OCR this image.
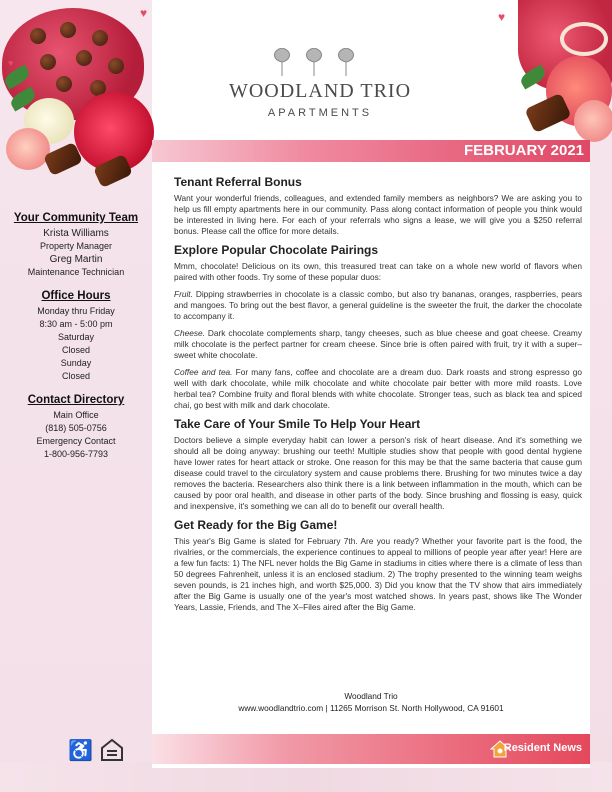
♥
♥
♥
WOODLAND TRIO
APARTMENTS
FEBRUARY 2021
Your Community Team
Krista Williams
Property Manager
Greg Martin
Maintenance Technician
Office Hours
Monday thru Friday
8:30 am - 5:00 pm
Saturday
Closed
Sunday
Closed
Contact Directory
Main Office
(818) 505-0756
Emergency Contact
1-800-956-7793
Tenant Referral Bonus

Want your wonderful friends, colleagues, and extended family members as neighbors? We are asking you to help us fill empty apartments here in our community. Pass along contact information of people you think would be interested in living here. For each of your referrals who signs a lease, we will give you a $250 referral bonus. Please call the office for more details.

Explore Popular Chocolate Pairings

Mmm, chocolate! Delicious on its own, this treasured treat can take on a whole new world of flavors when paired with other foods. Try some of these popular duos:

Fruit. Dipping strawberries in chocolate is a classic combo, but also try bananas, oranges, raspberries, pears and mangoes. To bring out the best flavor, a general guideline is the sweeter the fruit, the darker the chocolate to accompany it.

Cheese. Dark chocolate complements sharp, tangy cheeses, such as blue cheese and goat cheese. Creamy milk chocolate is the perfect partner for cream cheese. Since brie is often paired with fruit, try it with a super–sweet white chocolate.

Coffee and tea. For many fans, coffee and chocolate are a dream duo. Dark roasts and strong espresso go well with dark chocolate, while milk chocolate and white chocolate pair better with more mild roasts. Love herbal tea? Combine fruity and floral blends with white chocolate. Stronger teas, such as black tea and spiced chai, go best with milk and dark chocolate.

Take Care of Your Smile To Help Your Heart

Doctors believe a simple everyday habit can lower a person's risk of heart disease. And it's something we should all be doing anyway: brushing our teeth! Multiple studies show that people with good dental hygiene have lower rates for heart attack or stroke. One reason for this may be that the same bacteria that cause gum disease could travel to the circulatory system and cause problems there. Brushing for two minutes twice a day removes the bacteria. Researchers also think there is a link between inflammation in the mouth, which can be caused by poor oral health, and disease in other parts of the body. Since brushing and flossing is easy, quick and inexpensive, it's something we can all do to benefit our overall health.

Get Ready for the Big Game!

This year's Big Game is slated for February 7th. Are you ready? Whether your favorite part is the food, the rivalries, or the commercials, the experience continues to appeal to millions of people year after year! Here are a few fun facts: 1) The NFL never holds the Big Game in stadiums in cities where there is a climate of less than 50 degrees Fahrenheit, unless it is an enclosed stadium. 2) The trophy presented to the winning team weighs seven pounds, is 21 inches high, and worth $25,000. 3) Did you know that the TV show that airs immediately after the Big Game is usually one of the year's most watched shows. In years past, shows like The Wonder Years, Lassie, Friends, and The X–Files aired after the Big Game.

Woodland Trio
www.woodlandtrio.com | 11265 Morrison St. North Hollywood, CA 91601
♿	Resident News
